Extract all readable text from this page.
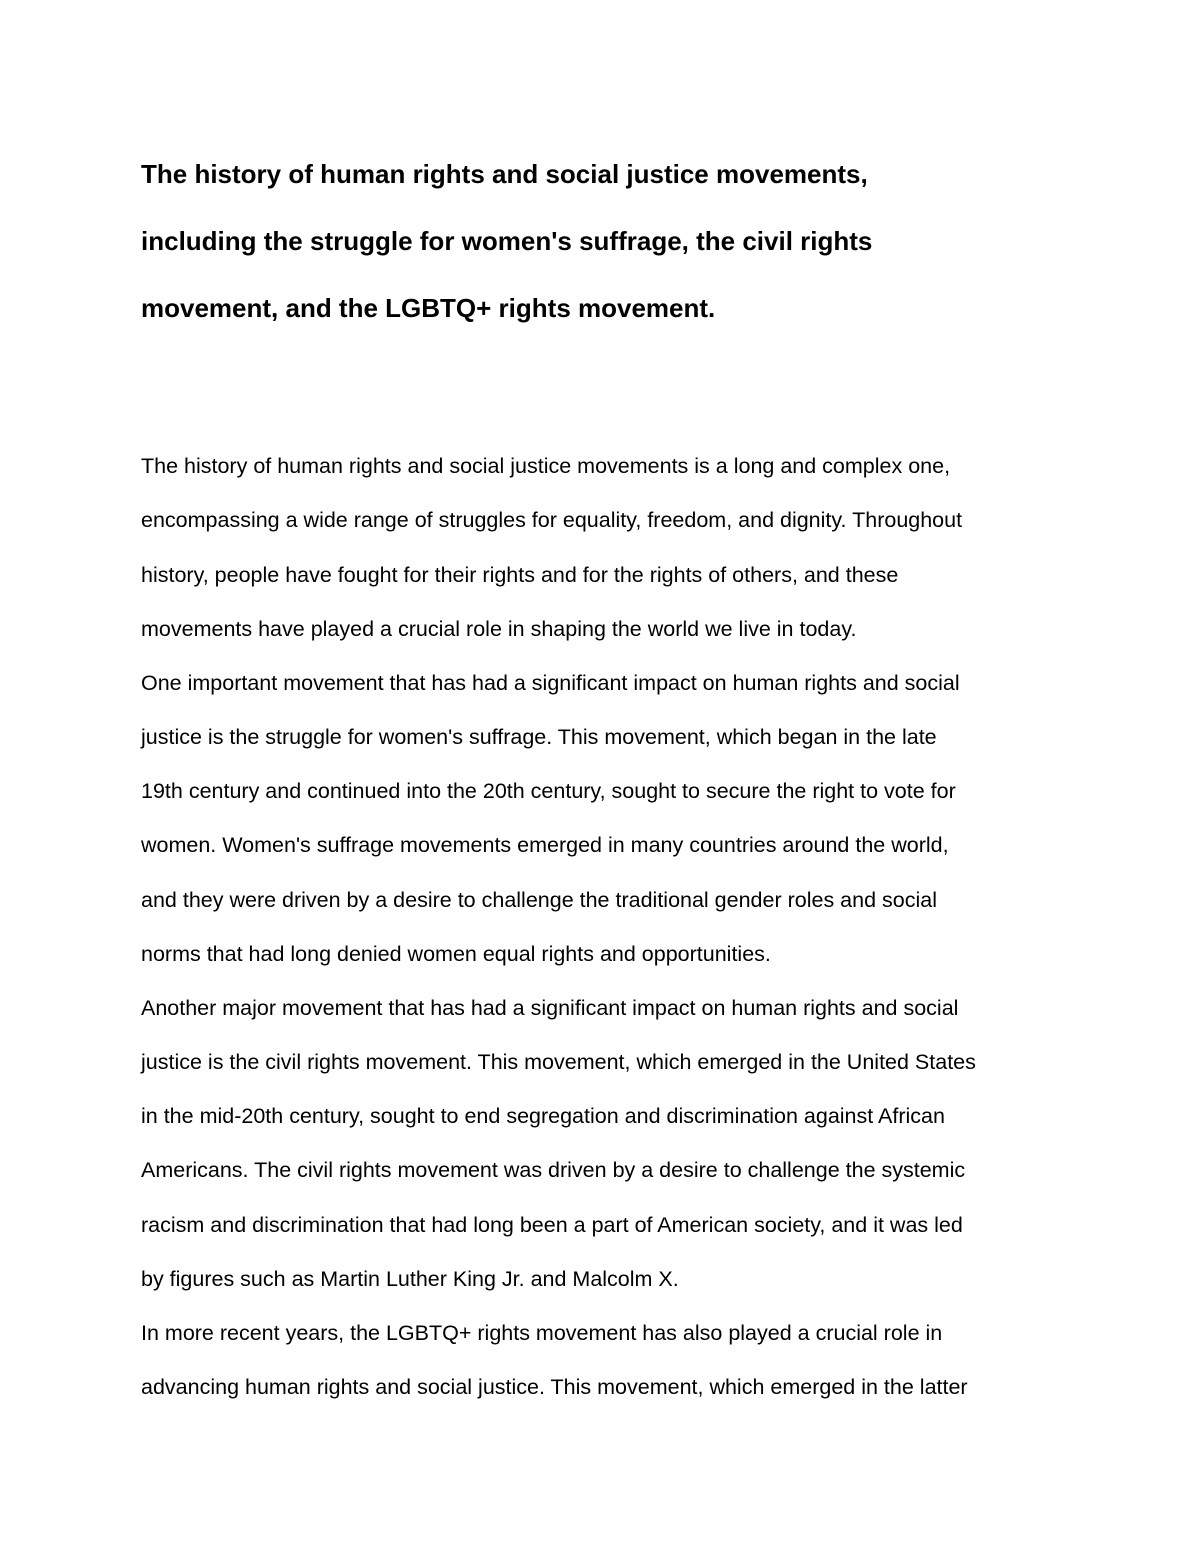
The history of human rights and social justice movements,
including the struggle for women's suffrage, the civil rights
movement, and the LGBTQ+ rights movement.
The history of human rights and social justice movements is a long and complex one,
encompassing a wide range of struggles for equality, freedom, and dignity. Throughout
history, people have fought for their rights and for the rights of others, and these
movements have played a crucial role in shaping the world we live in today.
One important movement that has had a significant impact on human rights and social
justice is the struggle for women's suffrage. This movement, which began in the late
19th century and continued into the 20th century, sought to secure the right to vote for
women. Women's suffrage movements emerged in many countries around the world,
and they were driven by a desire to challenge the traditional gender roles and social
norms that had long denied women equal rights and opportunities.
Another major movement that has had a significant impact on human rights and social
justice is the civil rights movement. This movement, which emerged in the United States
in the mid-20th century, sought to end segregation and discrimination against African
Americans. The civil rights movement was driven by a desire to challenge the systemic
racism and discrimination that had long been a part of American society, and it was led
by figures such as Martin Luther King Jr. and Malcolm X.
In more recent years, the LGBTQ+ rights movement has also played a crucial role in
advancing human rights and social justice. This movement, which emerged in the latter
